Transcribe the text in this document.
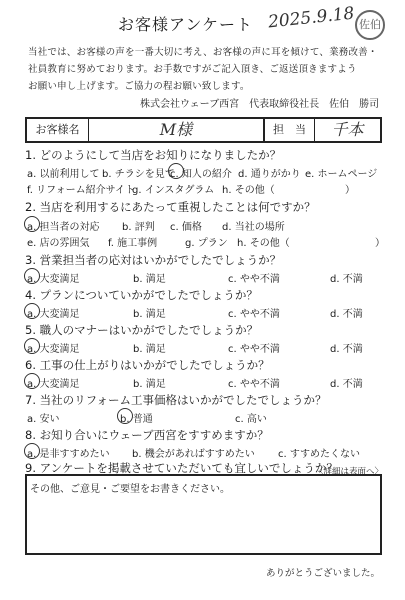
お客様アンケート 2025.9.18 佐伯
当社では、お客様の声を一番大切に考え、お客様の声に耳を傾けて、業務改善・
社員教育に努めております。お手数ですがご記入頂き、ご返送頂きますよう
お願い申し上げます。ご協力の程お願い致します。
株式会社ウェーブ西宮　代表取締役社長　佐伯　勝司
お客様名	M様	担　当	千本
1. どのようにして当店をお知りになりましたか？
a. 以前利用して b. チラシを見て
c. 知人の紹介 d. 通りがかり e. ホームページ
f. リフォーム紹介サイト
g. インスタグラム h. その他（	）
2. 当店を利用するにあたって重視したことは何ですか？
a. 担当者の対応 b. 評判 c. 価格 d. 当社の場所
e. 店の雰囲気 f. 施工事例	g. プラン h. その他（	）
3. 営業担当者の応対はいかがでしたでしょうか？
a. 大変満足	b. 満足	c. やや不満	d. 不満
4. プランについていかがでしたでしょうか？
a. 大変満足	b. 満足	c. やや不満	d. 不満
5. 職人のマナーはいかがでしたでしょうか？
a. 大変満足	b. 満足	c. やや不満	d. 不満
6. 工事の仕上がりはいかがでしたでしょうか？
a. 大変満足	b. 満足	c. やや不満	d. 不満
7. 当社のリフォーム工事価格はいかがでしたでしょうか？
a. 安い	b. 普通	c. 高い
8. お知り合いにウェーブ西宮をすすめますか？
a. 是非すすめたい b. 機会があればすすめたい c. すすめたくない
9. アンケートを掲載させていただいても宜しいでしょうか？
〈詳細は表面へ〉
その他、ご意見・ご要望をお書きください。
ありがとうございました。
